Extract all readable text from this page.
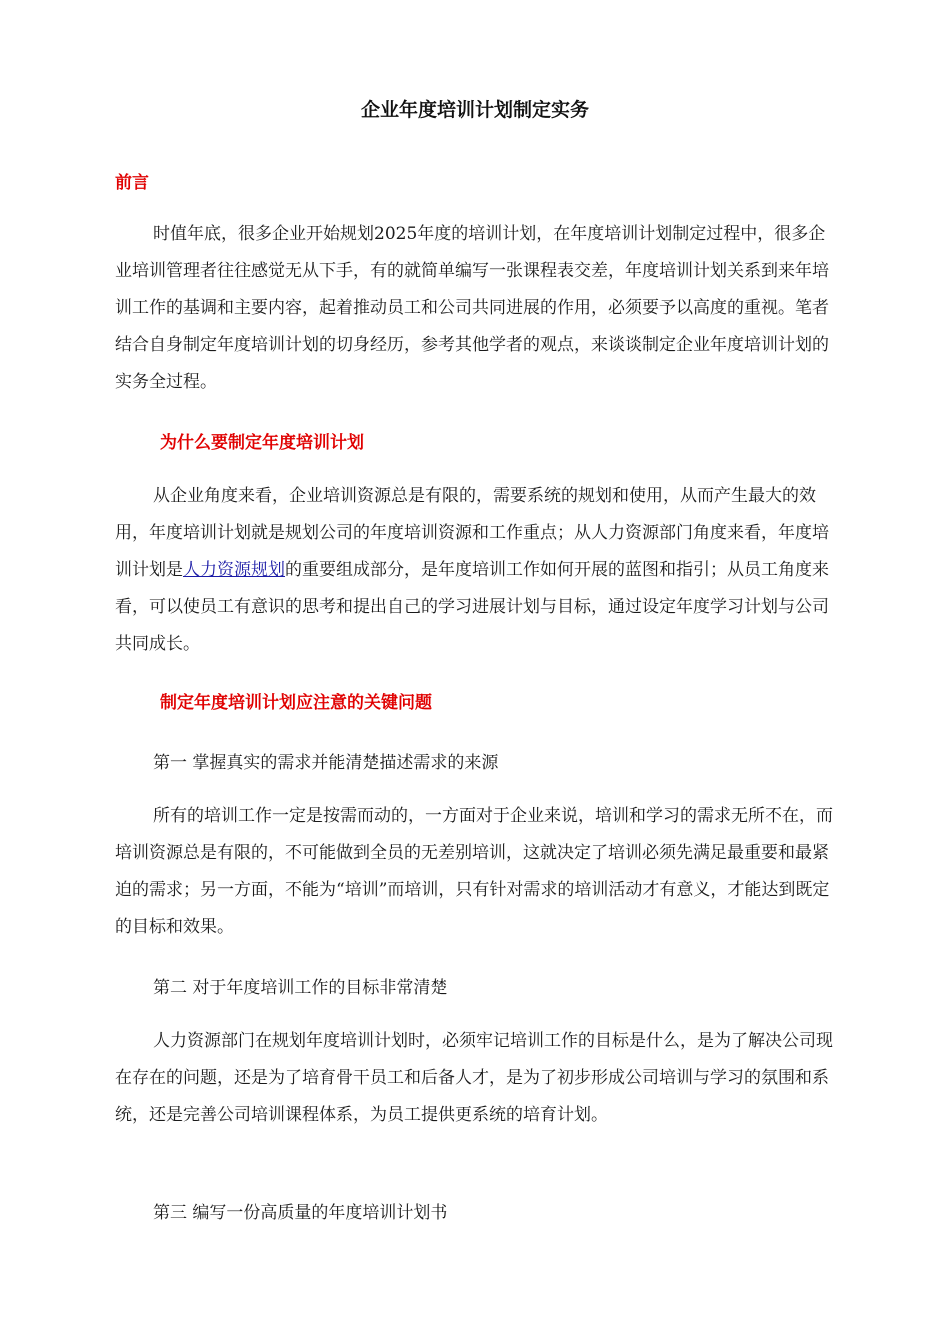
企业年度培训计划制定实务
前言

时值年底，很多企业开始规划2025年度的培训计划，在年度培训计划制定过程中，很多企业培训管理者往往感觉无从下手，有的就简单编写一张课程表交差，年度培训计划关系到来年培训工作的基调和主要内容，起着推动员工和公司共同进展的作用，必须要予以高度的重视。笔者结合自身制定年度培训计划的切身经历，参考其他学者的观点，来谈谈制定企业年度培训计划的实务全过程。

为什么要制定年度培训计划

从企业角度来看，企业培训资源总是有限的，需要系统的规划和使用，从而产生最大的效用，年度培训计划就是规划公司的年度培训资源和工作重点；从人力资源部门角度来看，年度培训计划是人力资源规划的重要组成部分，是年度培训工作如何开展的蓝图和指引；从员工角度来看，可以使员工有意识的思考和提出自己的学习进展计划与目标，通过设定年度学习计划与公司共同成长。

制定年度培训计划应注意的关键问题
第一 掌握真实的需求并能清楚描述需求的来源

所有的培训工作一定是按需而动的，一方面对于企业来说，培训和学习的需求无所不在，而培训资源总是有限的，不可能做到全员的无差别培训，这就决定了培训必须先满足最重要和最紧迫的需求；另一方面，不能为“培训”而培训，只有针对需求的培训活动才有意义，才能达到既定的目标和效果。

第二 对于年度培训工作的目标非常清楚

人力资源部门在规划年度培训计划时，必须牢记培训工作的目标是什么，是为了解决公司现在存在的问题，还是为了培育骨干员工和后备人才，是为了初步形成公司培训与学习的氛围和系统，还是完善公司培训课程体系，为员工提供更系统的培育计划。

第三 编写一份高质量的年度培训计划书
